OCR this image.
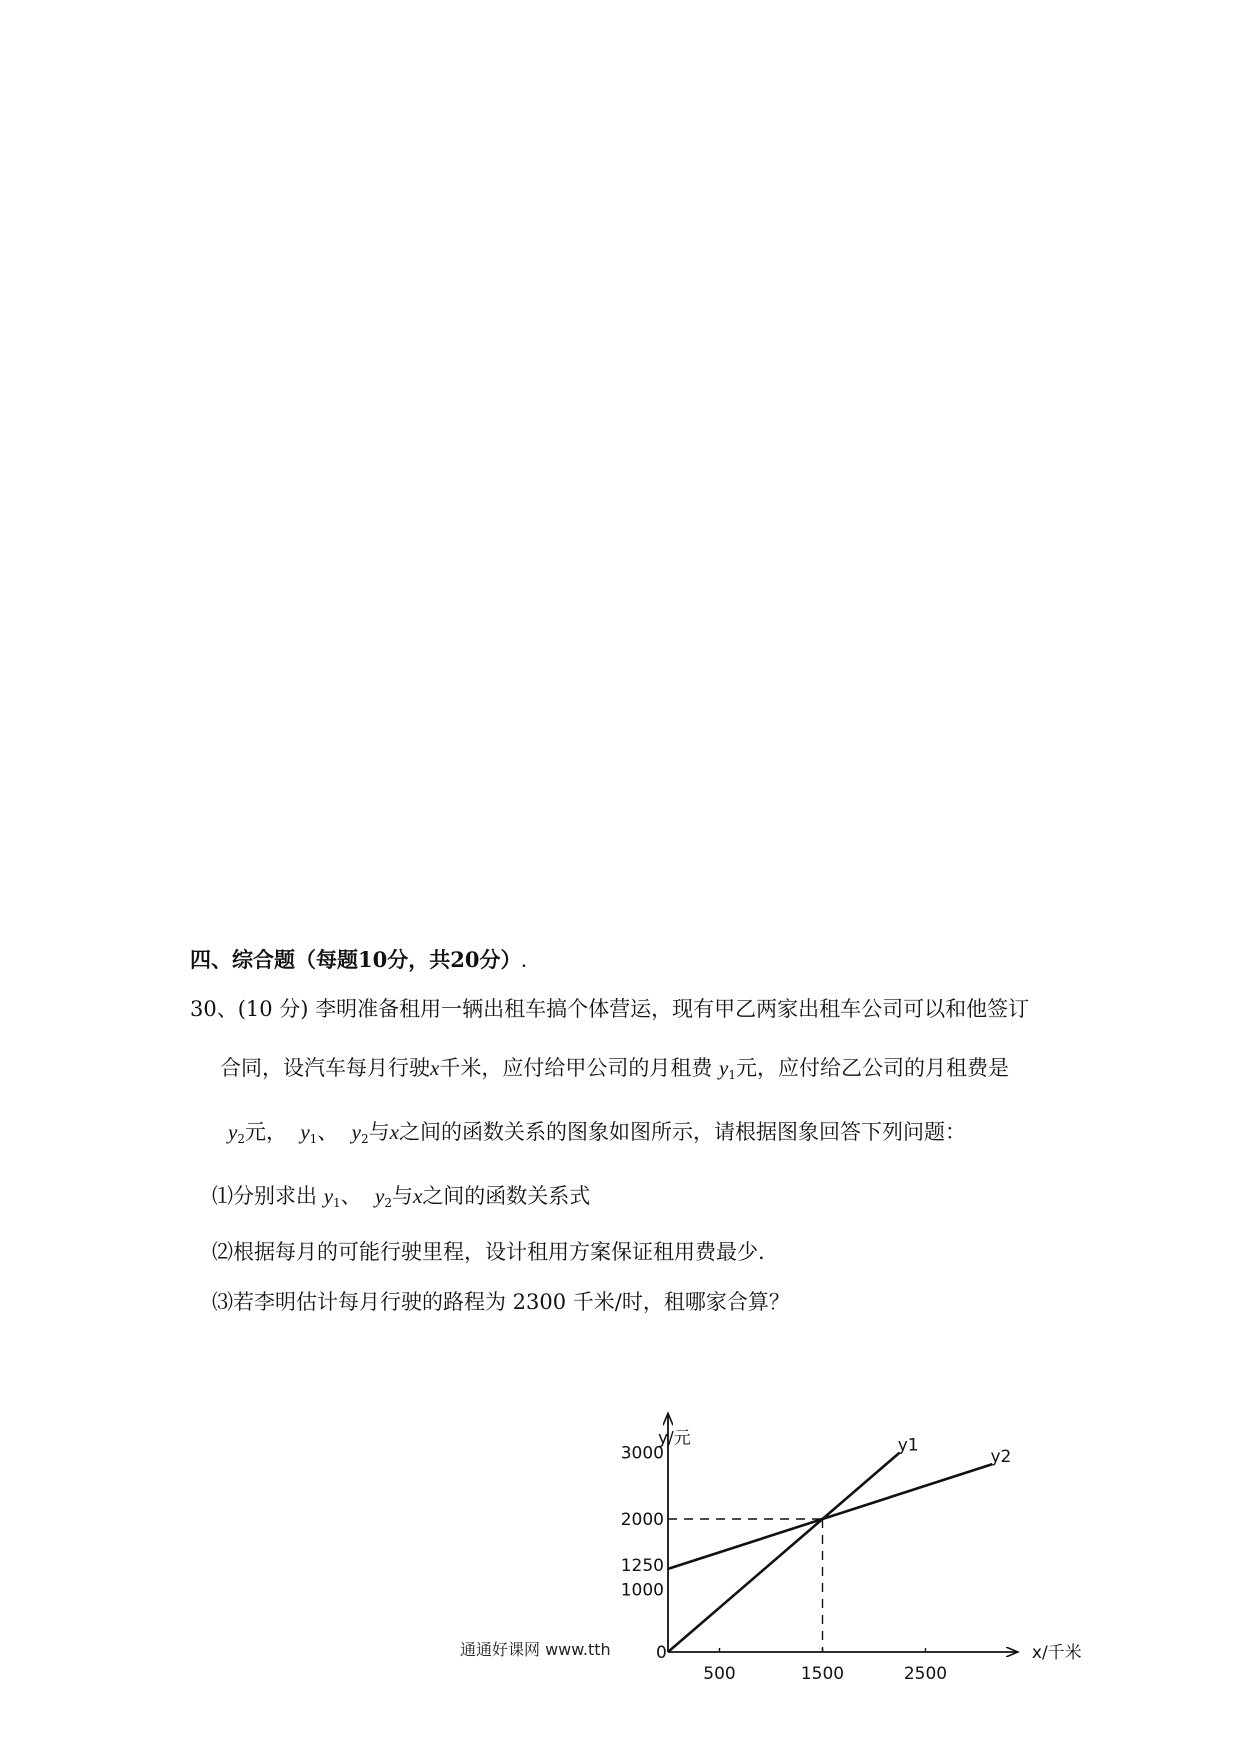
四、综合题（每题10分，共20分）.
30、(10 分) 李明准备租用一辆出租车搞个体营运，现有甲乙两家出租车公司可以和他签订
合同，设汽车每月行驶x千米，应付给甲公司的月租费 $y_1$元，应付给乙公司的月租费是
$y_2$元， $y_1$、 $y_2$与x之间的函数关系的图象如图所示，请根据图象回答下列问题：
⑴分别求出 $y_1$、 $y_2$与x之间的函数关系式
⑵根据每月的可能行驶里程，设计租用方案保证租用费最少.
⑶若李明估计每月行驶的路程为 2300 千米/时，租哪家合算？
y1
y2
y/元
x/千米
0
500	1500	2500
3000
2000
1250
1000
通通好课网 www.tth
